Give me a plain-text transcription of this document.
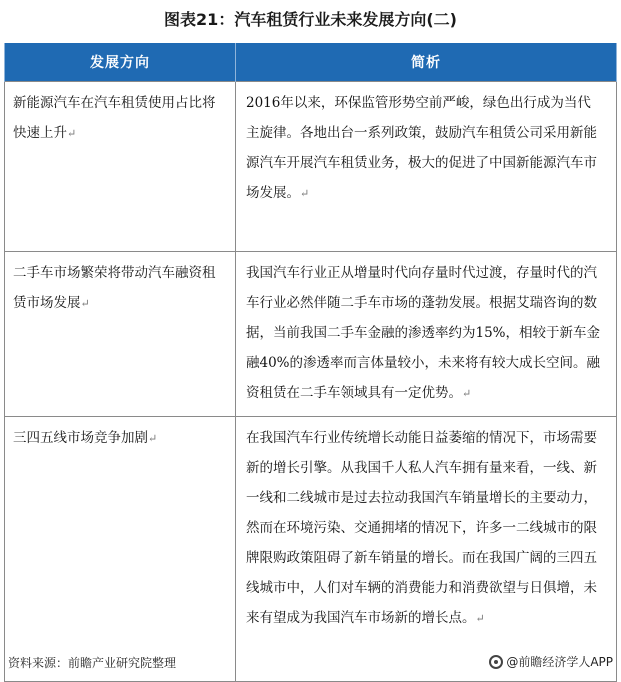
图表21：汽车租赁行业未来发展方向(二)
发展方向	简析
新能源汽车在汽车租赁使用占比将快速上升↵	2016年以来，环保监管形势空前严峻，绿色出行成为当代主旋律。各地出台一系列政策，鼓励汽车租赁公司采用新能源汽车开展汽车租赁业务，极大的促进了中国新能源汽车市场发展。↵
二手车市场繁荣将带动汽车融资租赁市场发展↵	我国汽车行业正从增量时代向存量时代过渡，存量时代的汽车行业必然伴随二手车市场的蓬勃发展。根据艾瑞咨询的数据，当前我国二手车金融的渗透率约为15%，相较于新车金融40%的渗透率而言体量较小，未来将有较大成长空间。融资租赁在二手车领域具有一定优势。↵
三四五线市场竞争加剧↵	在我国汽车行业传统增长动能日益萎缩的情况下，市场需要新的增长引擎。从我国千人私人汽车拥有量来看，一线、新一线和二线城市是过去拉动我国汽车销量增长的主要动力，然而在环境污染、交通拥堵的情况下，许多一二线城市的限牌限购政策阻碍了新车销量的增长。而在我国广阔的三四五线城市中，人们对车辆的消费能力和消费欲望与日俱增，未来有望成为我国汽车市场新的增长点。↵
资料来源：前瞻产业研究院整理	@前瞻经济学人APP
